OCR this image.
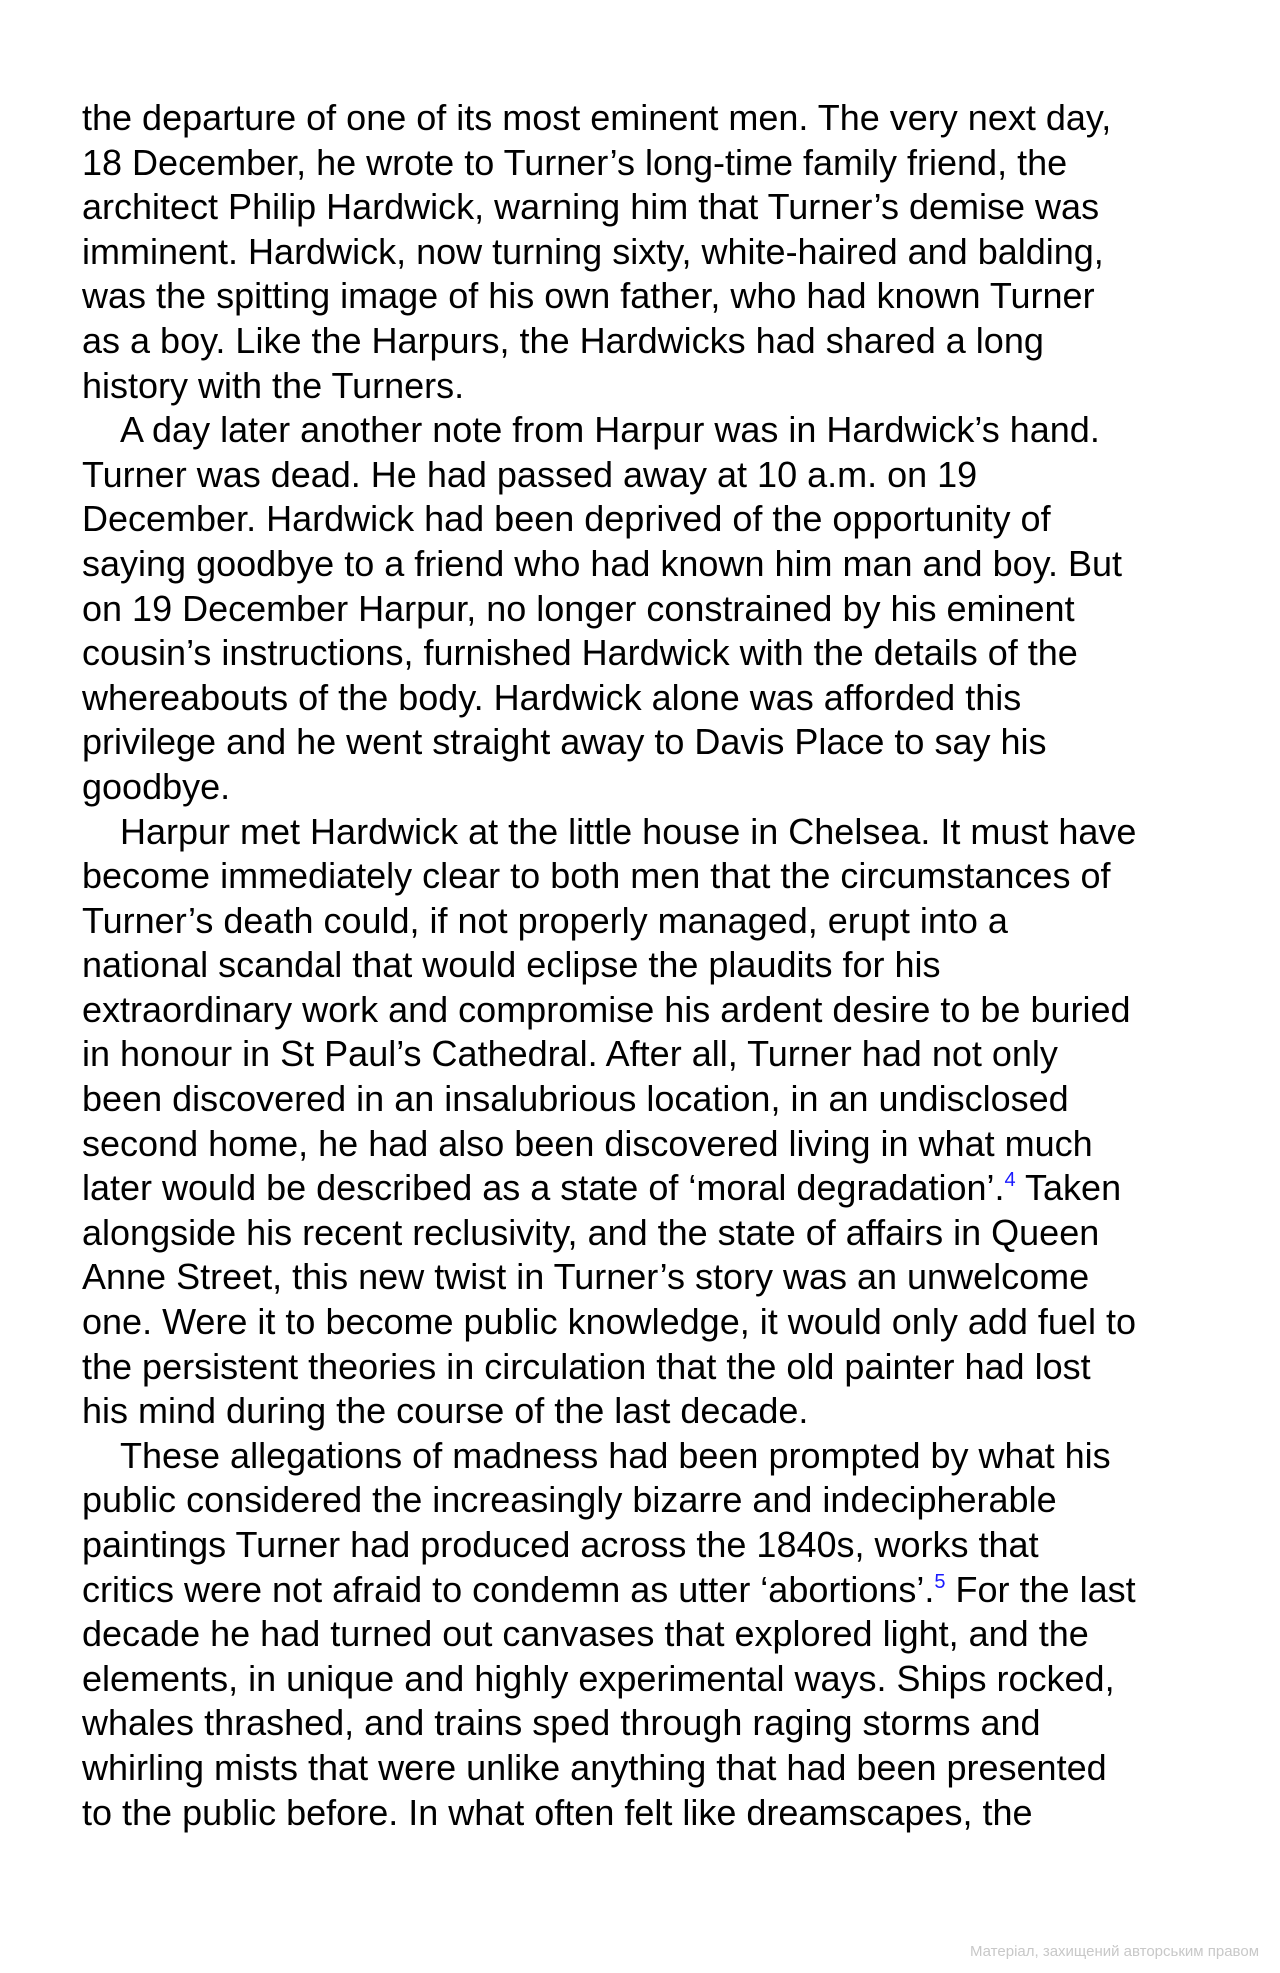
the departure of one of its most eminent men. The very next day,
18 December, he wrote to Turner’s long-time family friend, the
architect Philip Hardwick, warning him that Turner’s demise was
imminent. Hardwick, now turning sixty, white-haired and balding,
was the spitting image of his own father, who had known Turner
as a boy. Like the Harpurs, the Hardwicks had shared a long
history with the Turners.
A day later another note from Harpur was in Hardwick’s hand.
Turner was dead. He had passed away at 10 a.m. on 19
December. Hardwick had been deprived of the opportunity of
saying goodbye to a friend who had known him man and boy. But
on 19 December Harpur, no longer constrained by his eminent
cousin’s instructions, furnished Hardwick with the details of the
whereabouts of the body. Hardwick alone was afforded this
privilege and he went straight away to Davis Place to say his
goodbye.
Harpur met Hardwick at the little house in Chelsea. It must have
become immediately clear to both men that the circumstances of
Turner’s death could, if not properly managed, erupt into a
national scandal that would eclipse the plaudits for his
extraordinary work and compromise his ardent desire to be buried
in honour in St Paul’s Cathedral. After all, Turner had not only
been discovered in an insalubrious location, in an undisclosed
second home, he had also been discovered living in what much
later would be described as a state of ‘moral degradation’.$^4$ Taken
alongside his recent reclusivity, and the state of affairs in Queen
Anne Street, this new twist in Turner’s story was an unwelcome
one. Were it to become public knowledge, it would only add fuel to
the persistent theories in circulation that the old painter had lost
his mind during the course of the last decade.
These allegations of madness had been prompted by what his
public considered the increasingly bizarre and indecipherable
paintings Turner had produced across the 1840s, works that
critics were not afraid to condemn as utter ‘abortions’.$^5$ For the last
decade he had turned out canvases that explored light, and the
elements, in unique and highly experimental ways. Ships rocked,
whales thrashed, and trains sped through raging storms and
whirling mists that were unlike anything that had been presented
to the public before. In what often felt like dreamscapes, the
Матеріал, захищений авторським правом
